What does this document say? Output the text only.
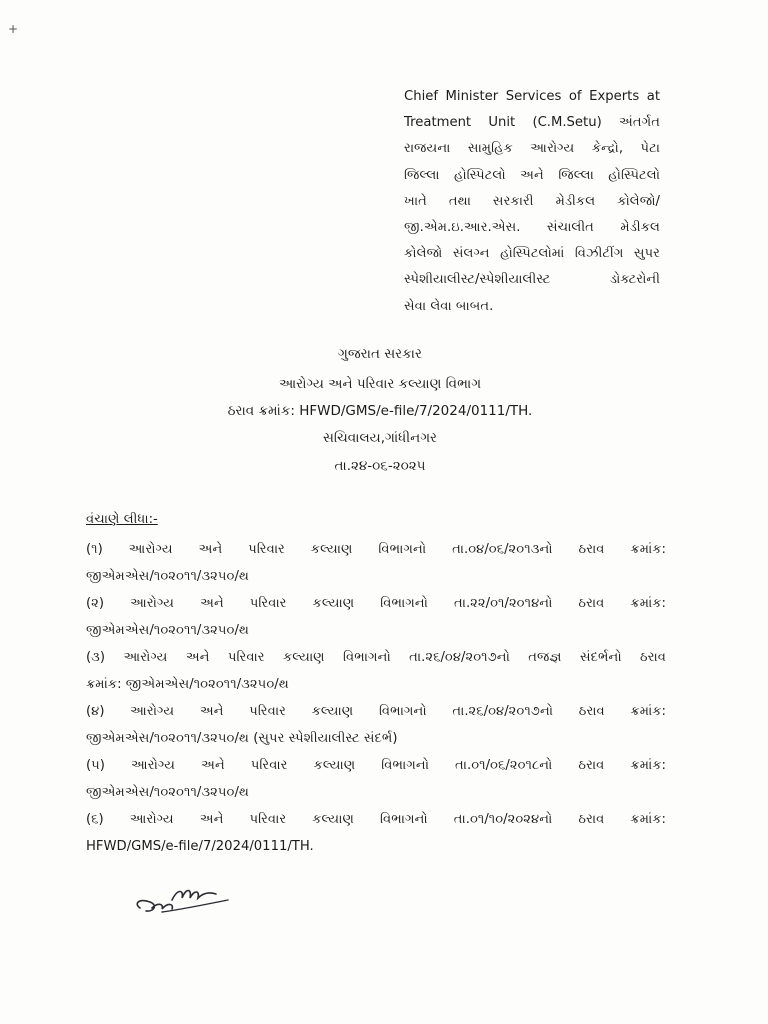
+‍
Chief Minister Services of Experts at
Treatment Unit (C.M.Setu) અંતર્ગત
રાજયના સામુહિક આરોગ્ય કેન્દ્રો, પેટા
જિલ્લા હોસ્પિટલો અને જિલ્લા હોસ્પિટલો
ખાતે તથા સરકારી મેડીકલ કોલેજો/
જી.એમ.ઇ.આર.એસ. સંચાલીત મેડીકલ
કોલેજો સંલગ્ન હોસ્પિટલોમાં વિઝીટીંગ સુપર
સ્પેશીયાલીસ્ટ/સ્પેશીયાલીસ્ટ ડોક્ટરોની
સેવા લેવા બાબત.
ગુજરાત સરકાર
આરોગ્ય અને પરિવાર કલ્યાણ વિભાગ
ઠરાવ ક્રમાંક: HFWD/GMS/e-file/7/2024/0111/TH.
સચિવાલય,ગાંધીનગર
તા.૨૪-૦૬-૨૦૨૫
વંચાણે લીધા:-
(૧) આરોગ્ય અને પરિવાર કલ્યાણ વિભાગનો તા.૦૪/૦૬/૨૦૧૩નો ઠરાવ ક્રમાંક:
જીએમએસ/૧૦૨૦૧૧/૩૨૫૦/થ
(૨) આરોગ્ય અને પરિવાર કલ્યાણ વિભાગનો તા.૨૨/૦૧/૨૦૧૪નો ઠરાવ ક્રમાંક:
જીએમએસ/૧૦૨૦૧૧/૩૨૫૦/થ
(૩) આરોગ્ય અને પરિવાર કલ્યાણ વિભાગનો તા.૨૬/૦૪/૨૦૧૭નો તજજ્ઞ સંદર્ભનો ઠરાવ
ક્રમાંક: જીએમએસ/૧૦૨૦૧૧/૩૨૫૦/થ
(૪) આરોગ્ય અને પરિવાર કલ્યાણ વિભાગનો તા.૨૬/૦૪/૨૦૧૭નો ઠરાવ ક્રમાંક:
જીએમએસ/૧૦૨૦૧૧/૩૨૫૦/થ (સુપર સ્પેશીયાલીસ્ટ સંદર્ભ)
(૫) આરોગ્ય અને પરિવાર કલ્યાણ વિભાગનો તા.૦૧/૦૬/૨૦૧૮નો ઠરાવ ક્રમાંક:
જીએમએસ/૧૦૨૦૧૧/૩૨૫૦/થ
(૬) આરોગ્ય અને પરિવાર કલ્યાણ વિભાગનો તા.૦૧/૧૦/૨૦૨૪નો ઠરાવ ક્રમાંક:
HFWD/GMS/e-file/7/2024/0111/TH.
